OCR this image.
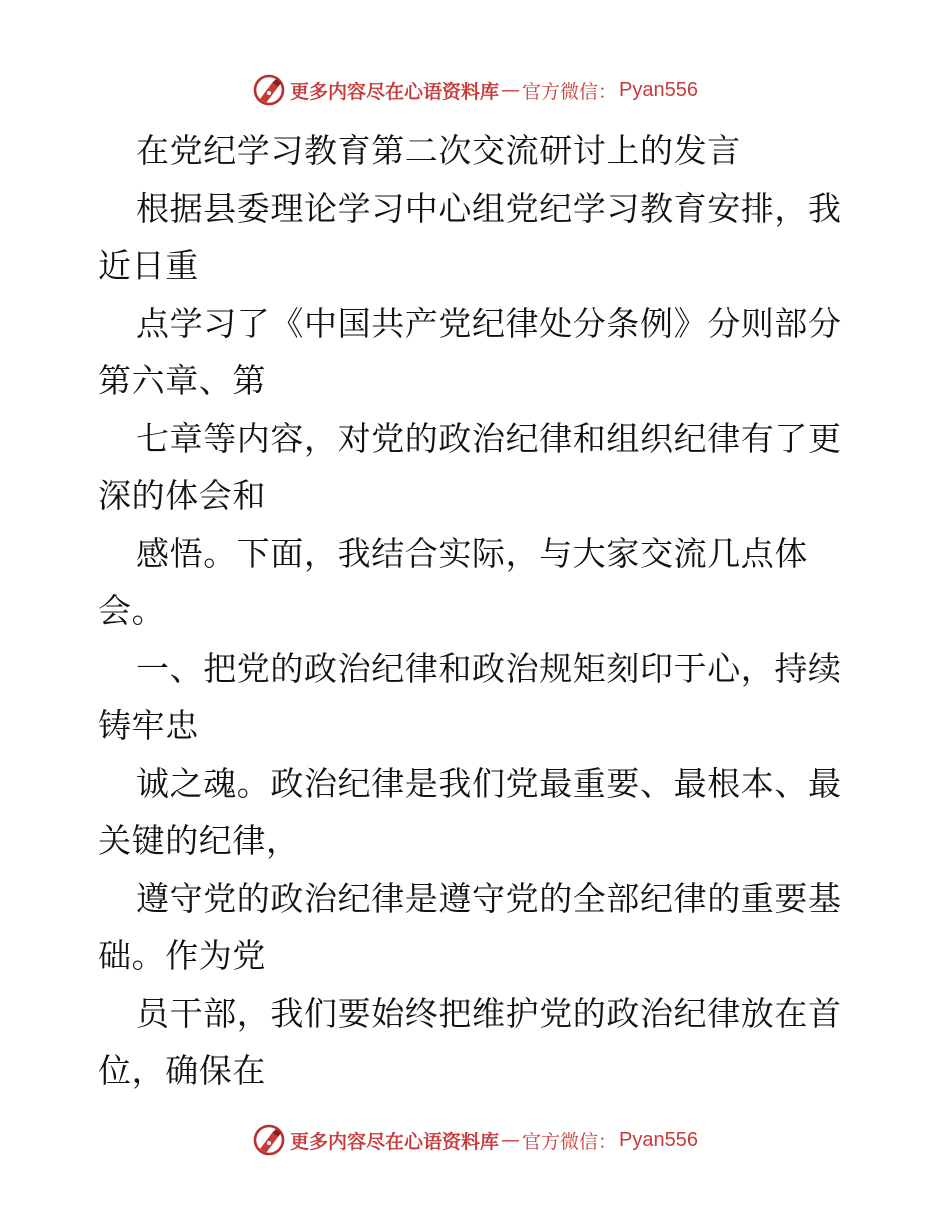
更多内容尽在心语资料库 — 官方微信： Pyan556
在党纪学习教育第二次交流研讨上的发言
根据县委理论学习中心组党纪学习教育安排，我
近日重
点学习了《中国共产党纪律处分条例》分则部分
第六章、第
七章等内容，对党的政治纪律和组织纪律有了更
深的体会和
感悟。下面，我结合实际，与大家交流几点体
会。
一、把党的政治纪律和政治规矩刻印于心，持续
铸牢忠
诚之魂。政治纪律是我们党最重要、最根本、最
关键的纪律，
遵守党的政治纪律是遵守党的全部纪律的重要基
础。作为党
员干部，我们要始终把维护党的政治纪律放在首
位，确保在
更多内容尽在心语资料库 — 官方微信： Pyan556
